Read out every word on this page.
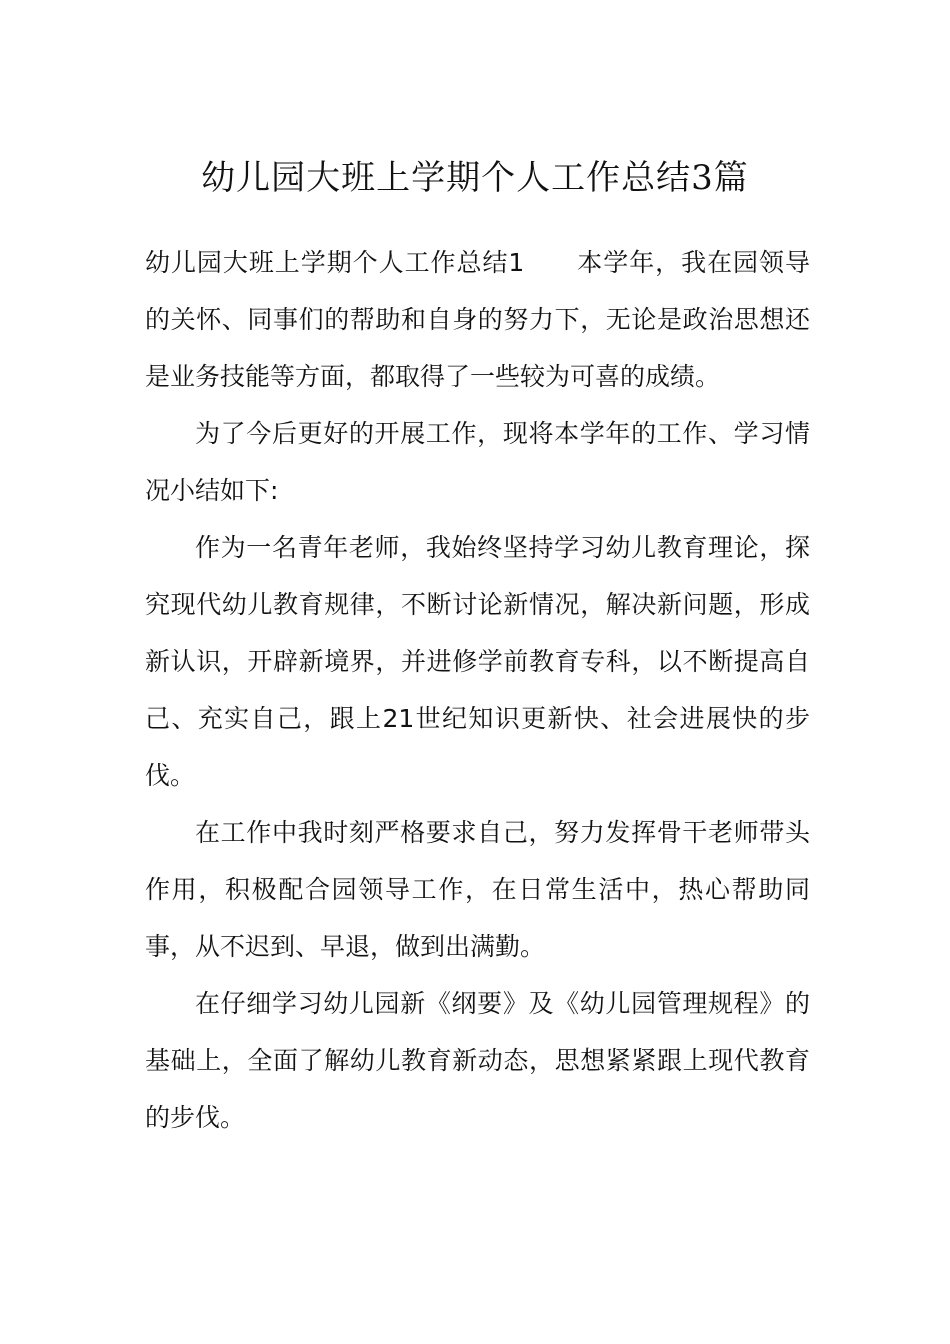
幼儿园大班上学期个人工作总结3篇

幼儿园大班上学期个人工作总结1 本学年，我在园领导的关怀、同事们的帮助和自身的努力下，无论是政治思想还是业务技能等方面，都取得了一些较为可喜的成绩。

为了今后更好的开展工作，现将本学年的工作、学习情况小结如下:

作为一名青年老师，我始终坚持学习幼儿教育理论，探究现代幼儿教育规律，不断讨论新情况，解决新问题，形成新认识，开辟新境界，并进修学前教育专科，以不断提高自己、充实自己，跟上21世纪知识更新快、社会进展快的步伐。

在工作中我时刻严格要求自己，努力发挥骨干老师带头作用，积极配合园领导工作，在日常生活中，热心帮助同事，从不迟到、早退，做到出满勤。

在仔细学习幼儿园新《纲要》及《幼儿园管理规程》的基础上，全面了解幼儿教育新动态，思想紧紧跟上现代教育的步伐。
